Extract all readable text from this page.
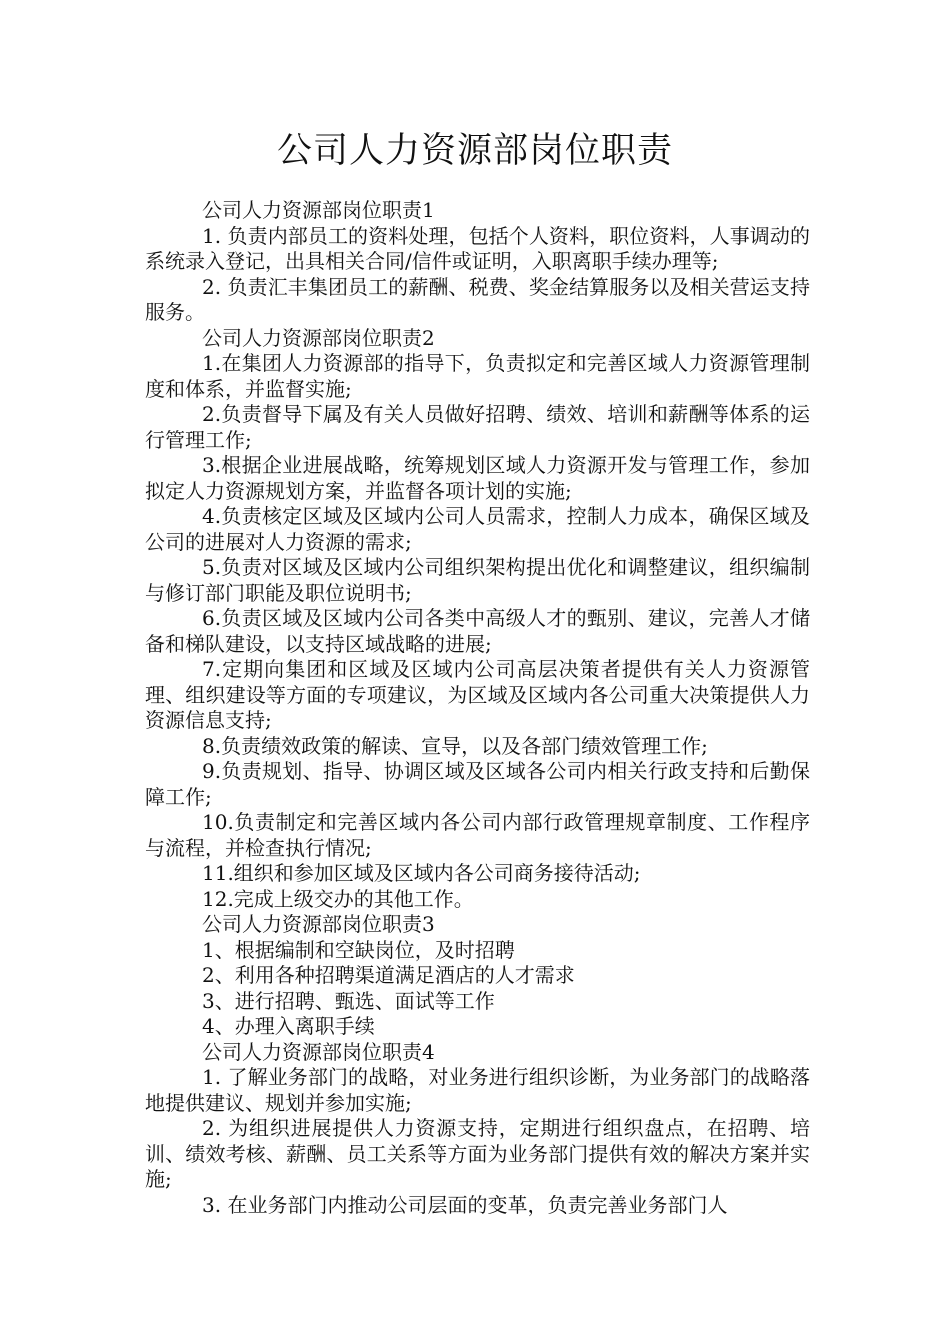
公司人力资源部岗位职责

公司人力资源部岗位职责1

1. 负责内部员工的资料处理，包括个人资料，职位资料，人事调动的系统录入登记，出具相关合同/信件或证明，入职离职手续办理等;

2. 负责汇丰集团员工的薪酬、税费、奖金结算服务以及相关营运支持服务。

公司人力资源部岗位职责2

1.在集团人力资源部的指导下，负责拟定和完善区域人力资源管理制度和体系，并监督实施;

2.负责督导下属及有关人员做好招聘、绩效、培训和薪酬等体系的运行管理工作;

3.根据企业进展战略，统筹规划区域人力资源开发与管理工作，参加拟定人力资源规划方案，并监督各项计划的实施;

4.负责核定区域及区域内公司人员需求，控制人力成本，确保区域及公司的进展对人力资源的需求;

5.负责对区域及区域内公司组织架构提出优化和调整建议，组织编制与修订部门职能及职位说明书;

6.负责区域及区域内公司各类中高级人才的甄别、建议，完善人才储备和梯队建设，以支持区域战略的进展;

7.定期向集团和区域及区域内公司高层决策者提供有关人力资源管理、组织建设等方面的专项建议，为区域及区域内各公司重大决策提供人力资源信息支持;

8.负责绩效政策的解读、宣导，以及各部门绩效管理工作;

9.负责规划、指导、协调区域及区域各公司内相关行政支持和后勤保障工作;

10.负责制定和完善区域内各公司内部行政管理规章制度、工作程序与流程，并检查执行情况;

11.组织和参加区域及区域内各公司商务接待活动;

12.完成上级交办的其他工作。

公司人力资源部岗位职责3

1、根据编制和空缺岗位，及时招聘

2、利用各种招聘渠道满足酒店的人才需求

3、进行招聘、甄选、面试等工作

4、办理入离职手续

公司人力资源部岗位职责4

1. 了解业务部门的战略，对业务进行组织诊断，为业务部门的战略落地提供建议、规划并参加实施;

2. 为组织进展提供人力资源支持，定期进行组织盘点，在招聘、培训、绩效考核、薪酬、员工关系等方面为业务部门提供有效的解决方案并实施;

3. 在业务部门内推动公司层面的变革，负责完善业务部门人
